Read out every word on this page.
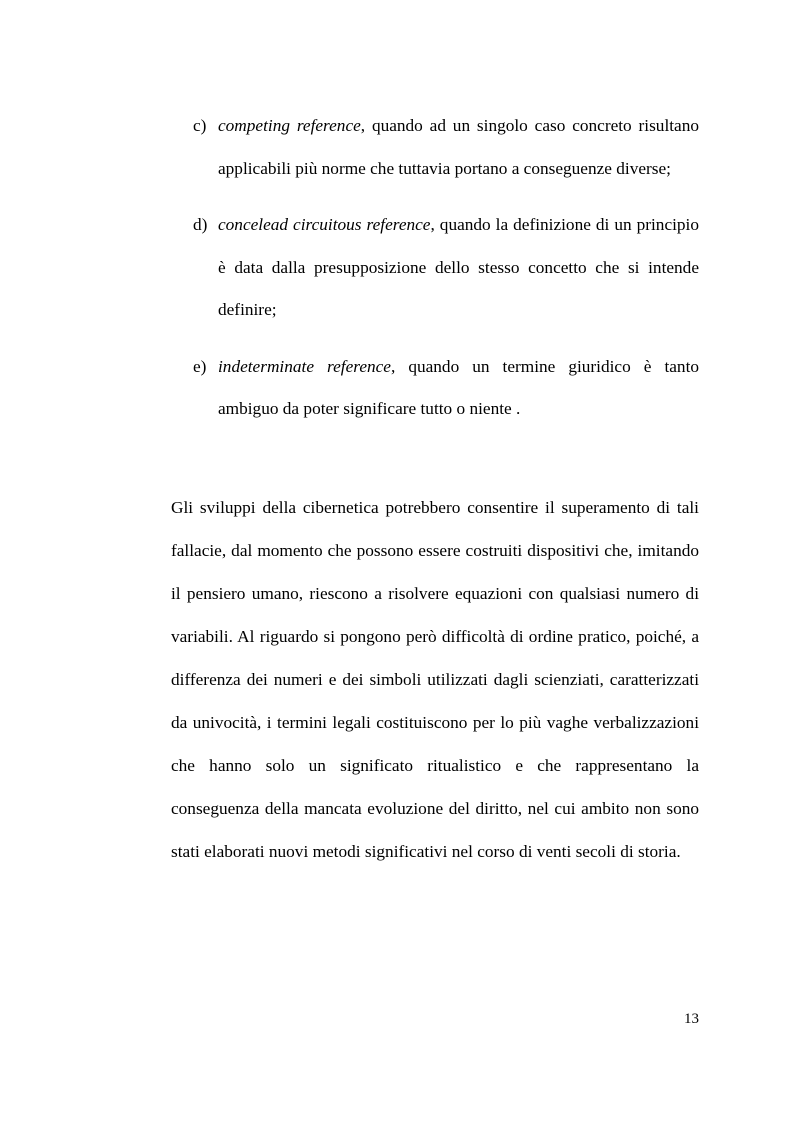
c) competing reference, quando ad un singolo caso concreto risultano applicabili più norme che tuttavia portano a conseguenze diverse;
d) concelead circuitous reference, quando la definizione di un principio è data dalla presupposizione dello stesso concetto che si intende definire;
e) indeterminate reference, quando un termine giuridico è tanto ambiguo da poter significare tutto o niente .

Gli sviluppi della cibernetica potrebbero consentire il superamento di tali fallacie, dal momento che possono essere costruiti dispositivi che, imitando il pensiero umano, riescono a risolvere equazioni con qualsiasi numero di variabili. Al riguardo si pongono però difficoltà di ordine pratico, poiché, a differenza dei numeri e dei simboli utilizzati dagli scienziati, caratterizzati da univocità, i termini legali costituiscono per lo più vaghe verbalizzazioni che hanno solo un significato ritualistico e che rappresentano la conseguenza della mancata evoluzione del diritto, nel cui ambito non sono stati elaborati nuovi metodi significativi nel corso di venti secoli di storia.

13
